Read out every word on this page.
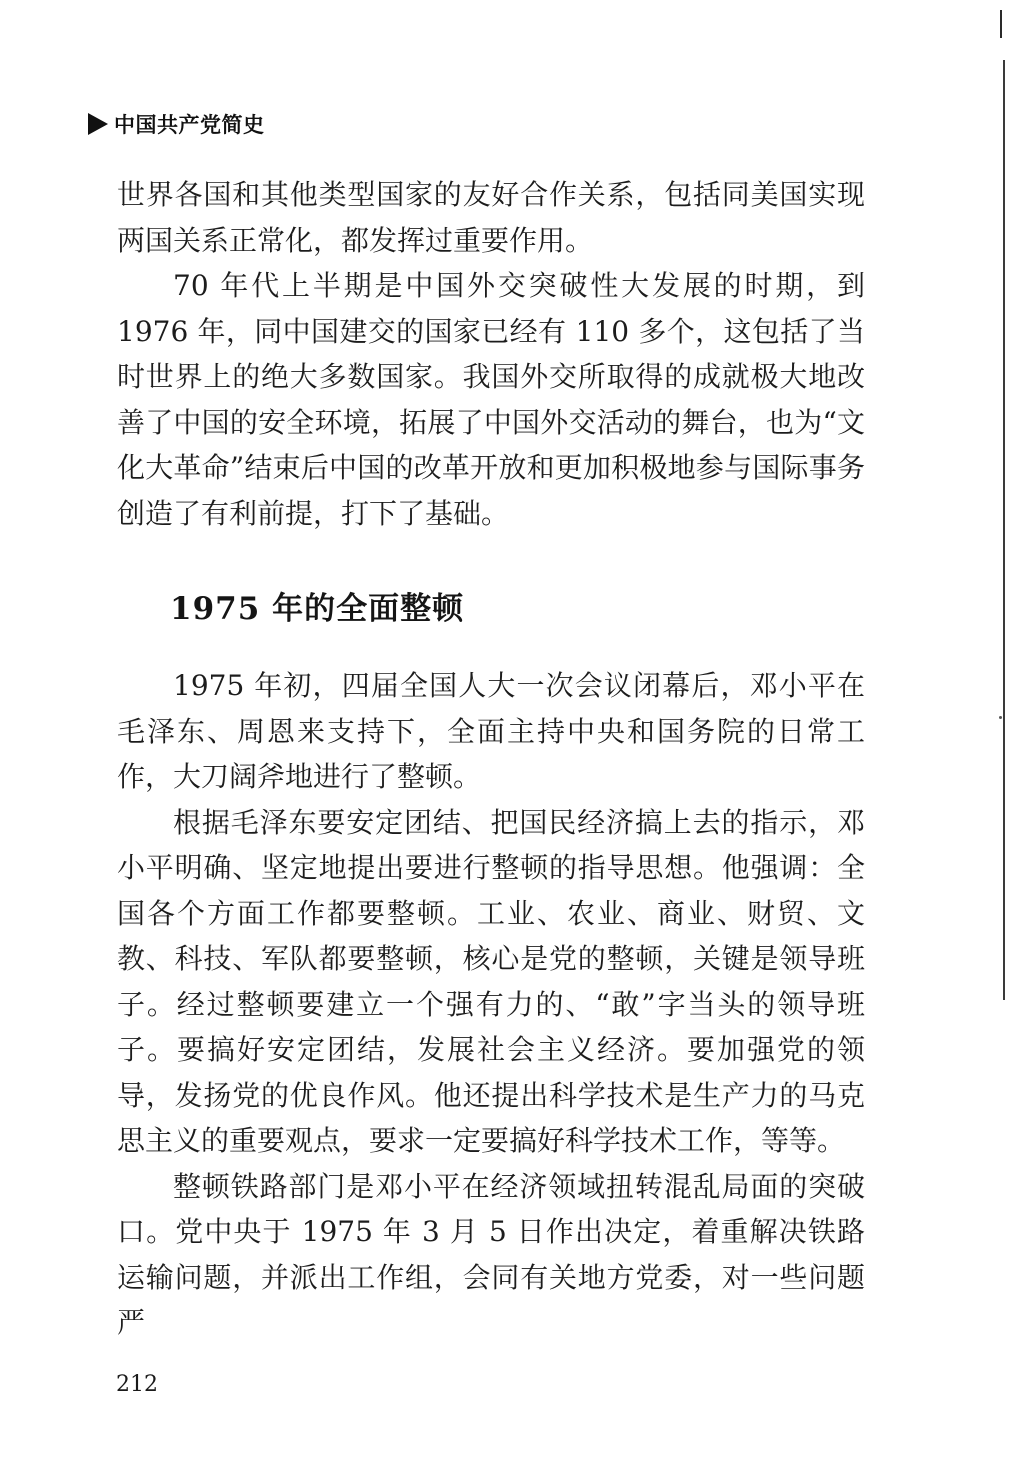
中国共产党简史

世界各国和其他类型国家的友好合作关系，包括同美国实现两国关系正常化，都发挥过重要作用。

70 年代上半期是中国外交突破性大发展的时期，到 1976 年，同中国建交的国家已经有 110 多个，这包括了当时世界上的绝大多数国家。我国外交所取得的成就极大地改善了中国的安全环境，拓展了中国外交活动的舞台，也为“文化大革命”结束后中国的改革开放和更加积极地参与国际事务创造了有利前提，打下了基础。

1975 年的全面整顿

1975 年初，四届全国人大一次会议闭幕后，邓小平在毛泽东、周恩来支持下，全面主持中央和国务院的日常工作，大刀阔斧地进行了整顿。

根据毛泽东要安定团结、把国民经济搞上去的指示，邓小平明确、坚定地提出要进行整顿的指导思想。他强调：全国各个方面工作都要整顿。工业、农业、商业、财贸、文教、科技、军队都要整顿，核心是党的整顿，关键是领导班子。经过整顿要建立一个强有力的、“敢”字当头的领导班子。要搞好安定团结，发展社会主义经济。要加强党的领导，发扬党的优良作风。他还提出科学技术是生产力的马克思主义的重要观点，要求一定要搞好科学技术工作，等等。

整顿铁路部门是邓小平在经济领域扭转混乱局面的突破口。党中央于 1975 年 3 月 5 日作出决定，着重解决铁路运输问题，并派出工作组，会同有关地方党委，对一些问题严

212
